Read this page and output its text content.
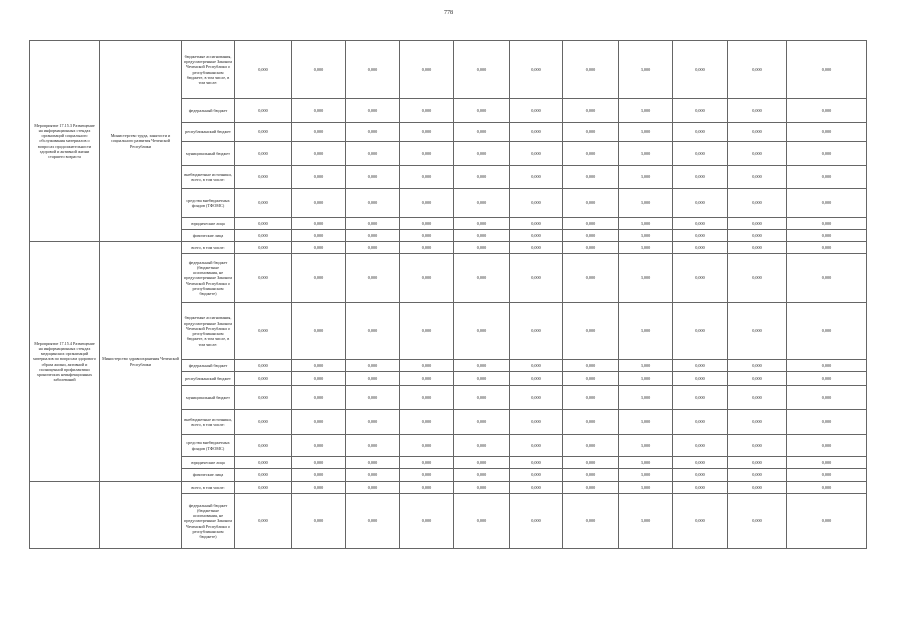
778
Мероприятие 17.15.3 Размещение на информационных стендах организаций социального обслуживания материалов о вопросах продолжительности здоровой и активной жизни старшего возраста	Министерство труда, занятости и социального развития Чеченской Республики	бюджетные ассигнования, предусмотренные Законом Чеченской Республики о республиканском бюджете, в том числе, в том числе:	0,000	0,000	0,000	0,000	0,000	0,000	0,000	3,000	0,000	0,000	0,000
		федеральный бюджет	0,000	0,000	0,000	0,000	0,000	0,000	0,000	3,000	0,000	0,000	0,000
		республиканский бюджет	0,000	0,000	0,000	0,000	0,000	0,000	0,000	3,000	0,000	0,000	0,000
		муниципальный бюджет	0,000	0,000	0,000	0,000	0,000	0,000	0,000	3,000	0,000	0,000	0,000
		внебюджетные источники, всего, в том числе:	0,000	0,000	0,000	0,000	0,000	0,000	0,000	3,000	0,000	0,000	0,000
		средства внебюджетных фондов (ТФОМС)	0,000	0,000	0,000	0,000	0,000	0,000	0,000	3,000	0,000	0,000	0,000
		юридические лица	0,000	0,000	0,000	0,000	0,000	0,000	0,000	3,000	0,000	0,000	0,000
		физические лица	0,000	0,000	0,000	0,000	0,000	0,000	0,000	3,000	0,000	0,000	0,000
Мероприятие 17.15.4 Размещение на информационных стендах медицинских организаций материалов по вопросам здорового образа жизни, активной и полноценной профилактики хронических неинфекционных заболеваний	Министерство здравоохранения Чеченской Республики	всего, в том числе:	0,000	0,000	0,000	0,000	0,000	0,000	0,000	3,000	0,000	0,000	0,000
		федеральный бюджет (бюджетные ассигнования, не предусмотренные Законом Чеченской Республики о республиканском бюджете)	0,000	0,000	0,000	0,000	0,000	0,000	0,000	3,000	0,000	0,000	0,000
		бюджетные ассигнования, предусмотренные Законом Чеченской Республики о республиканском бюджете, в том числе, в том числе:	0,000	0,000	0,000	0,000	0,000	0,000	0,000	3,000	0,000	0,000	0,000
		федеральный бюджет	0,000	0,000	0,000	0,000	0,000	0,000	0,000	3,000	0,000	0,000	0,000
		республиканский бюджет	0,000	0,000	0,000	0,000	0,000	0,000	0,000	3,000	0,000	0,000	0,000
		муниципальный бюджет	0,000	0,000	0,000	0,000	0,000	0,000	0,000	3,000	0,000	0,000	0,000
		внебюджетные источники, всего, в том числе:	0,000	0,000	0,000	0,000	0,000	0,000	0,000	3,000	0,000	0,000	0,000
		средства внебюджетных фондов (ТФОМС)	0,000	0,000	0,000	0,000	0,000	0,000	0,000	3,000	0,000	0,000	0,000
		юридические лица	0,000	0,000	0,000	0,000	0,000	0,000	0,000	3,000	0,000	0,000	0,000
		физические лица	0,000	0,000	0,000	0,000	0,000	0,000	0,000	3,000	0,000	0,000	0,000
		всего, в том числе:	0,000	0,000	0,000	0,000	0,000	0,000	0,000	3,000	0,000	0,000	0,000
		федеральный бюджет (бюджетные ассигнования, не предусмотренные Законом Чеченской Республики о республиканском бюджете)	0,000	0,000	0,000	0,000	0,000	0,000	0,000	3,000	0,000	0,000	0,000
